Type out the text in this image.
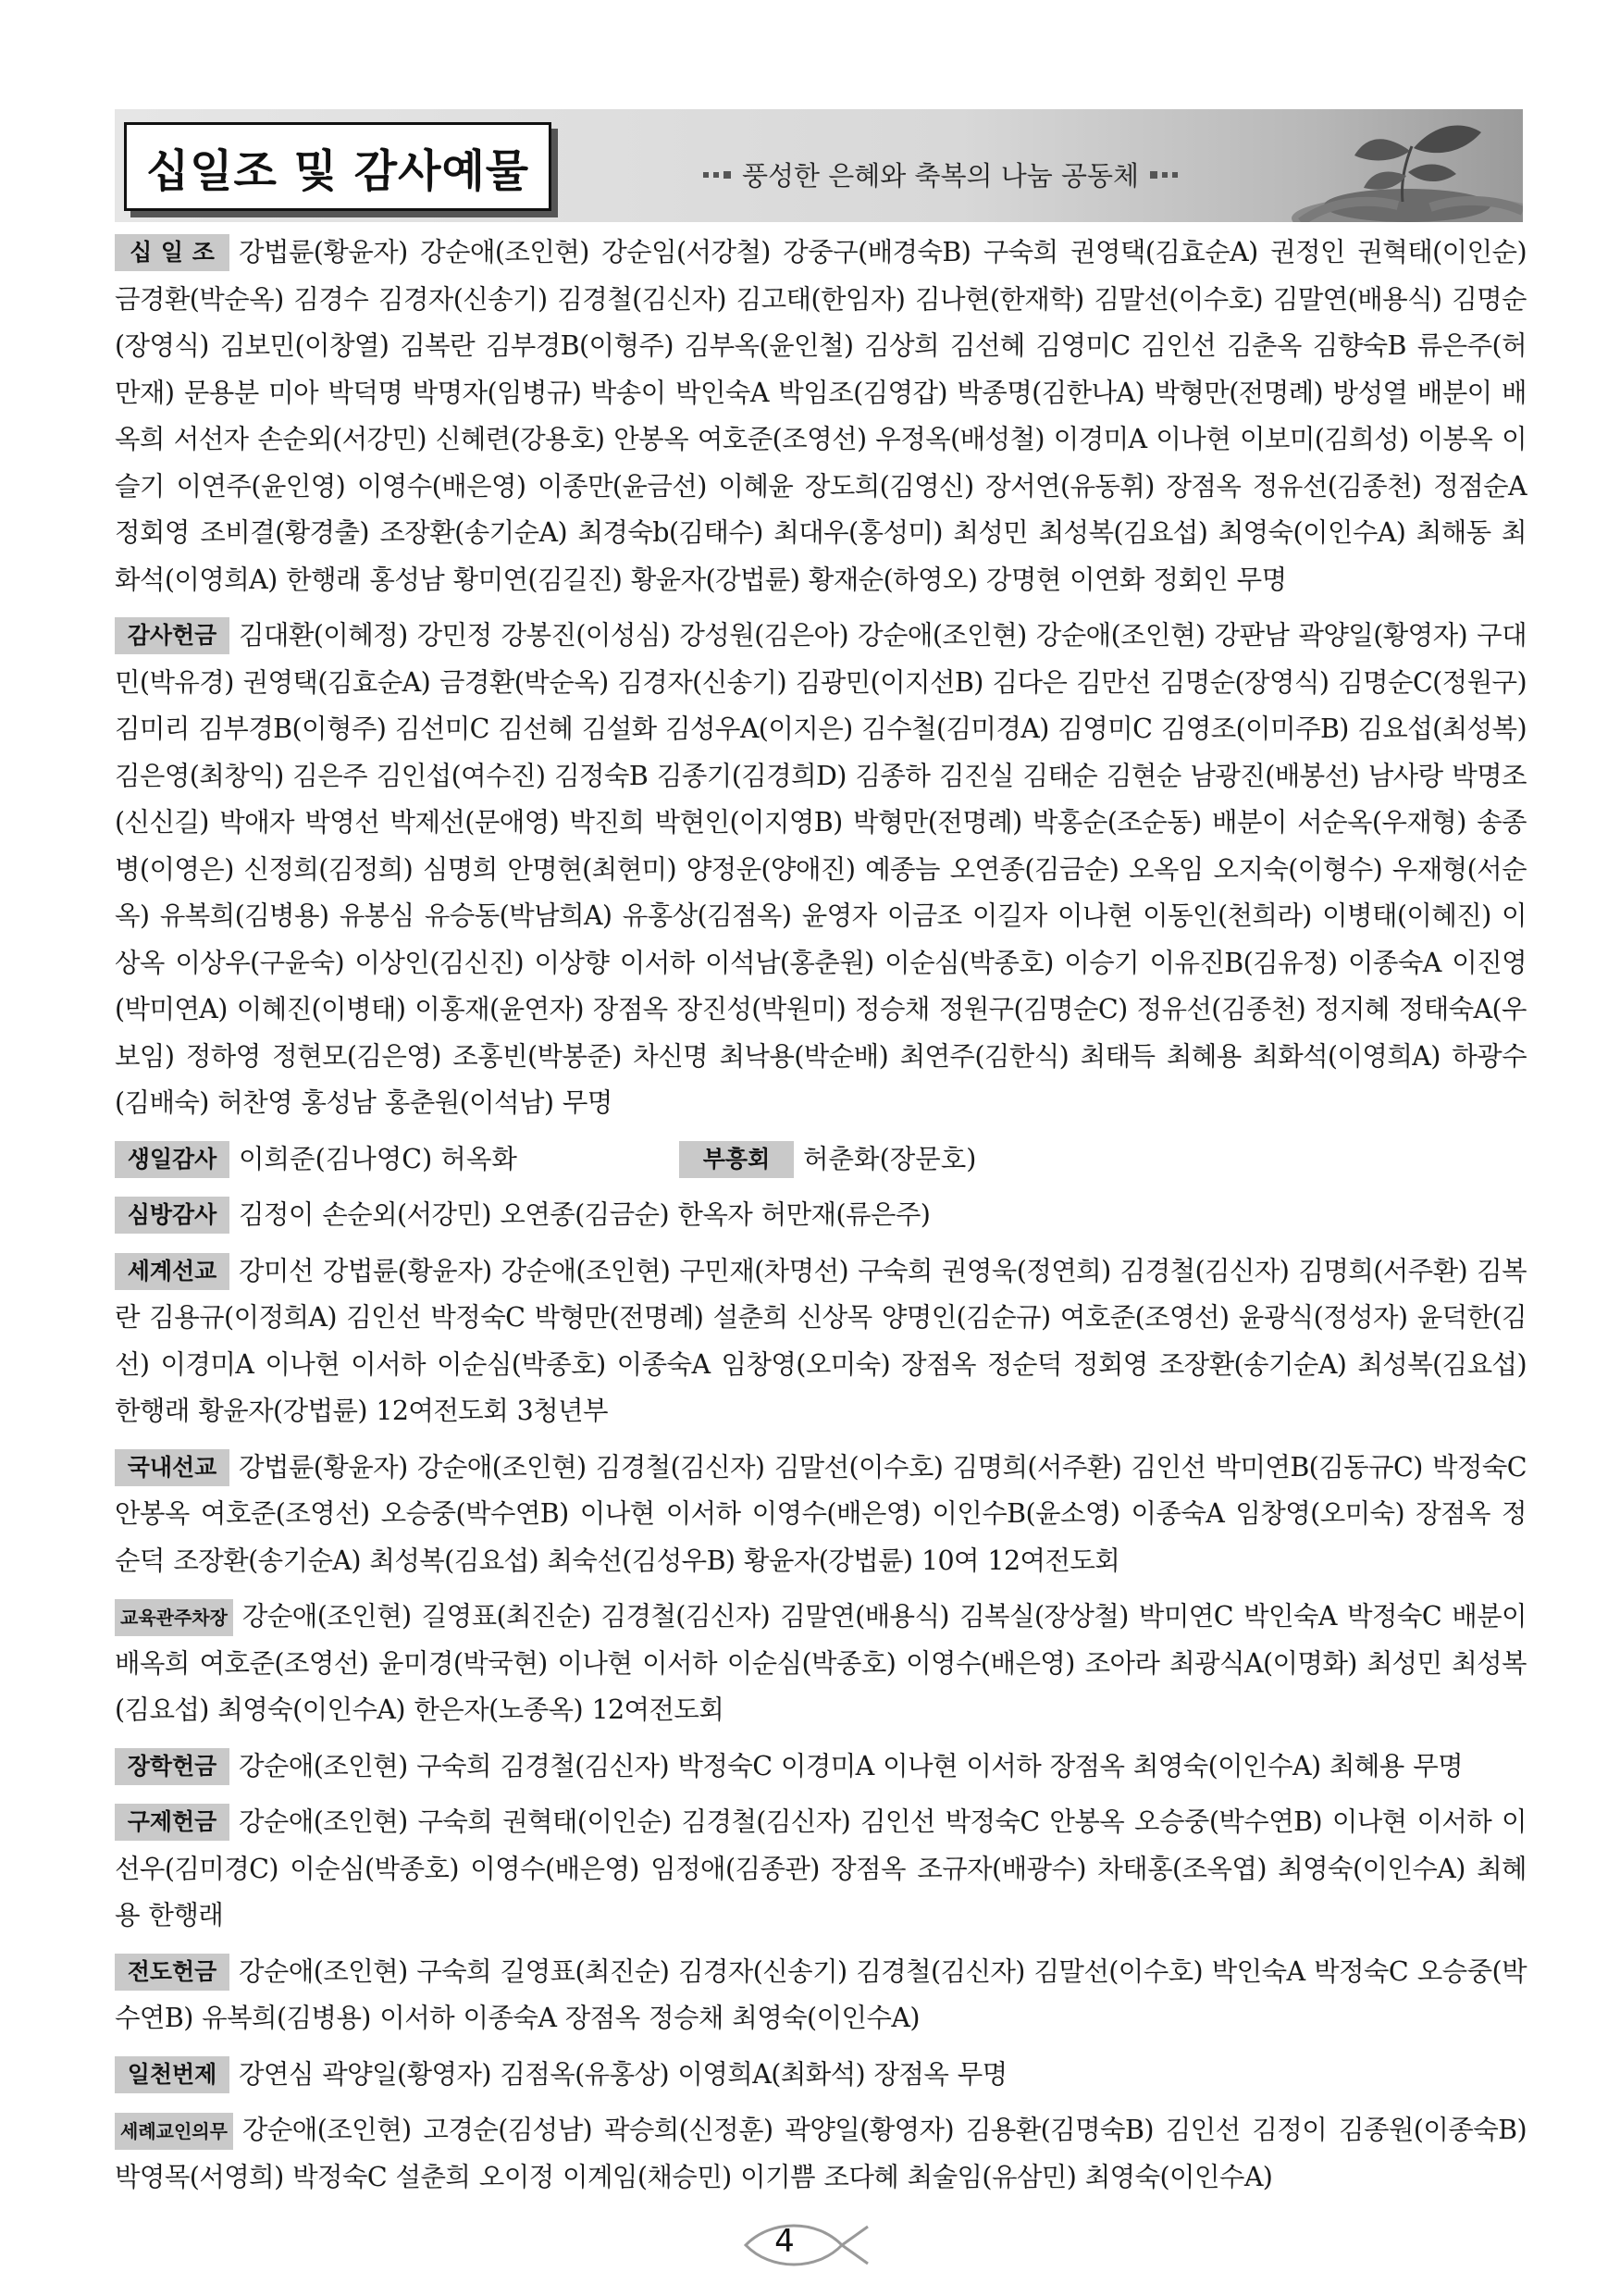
십일조 및 감사예물	풍성한 은혜와 축복의 나눔 공동체

십 일 조 강법륜(황윤자) 강순애(조인현) 강순임(서강철) 강중구(배경숙B) 구숙희 권영택(김효순A) 권정인 권혁태(이인순) 금경환(박순옥) 김경수 김경자(신송기) 김경철(김신자) 김고태(한임자) 김나현(한재학) 김말선(이수호) 김말연(배용식) 김명순(장영식) 김보민(이창열) 김복란 김부경B(이형주) 김부옥(윤인철) 김상희 김선혜 김영미C 김인선 김춘옥 김향숙B 류은주(허만재) 문용분 미아 박덕명 박명자(임병규) 박송이 박인숙A 박임조(김영갑) 박종명(김한나A) 박형만(전명례) 방성열 배분이 배옥희 서선자 손순외(서강민) 신혜련(강용호) 안봉옥 여호준(조영선) 우정옥(배성철) 이경미A 이나현 이보미(김희성) 이봉옥 이슬기 이연주(윤인영) 이영수(배은영) 이종만(윤금선) 이혜윤 장도희(김영신) 장서연(유동휘) 장점옥 정유선(김종천) 정점순A 정회영 조비결(황경출) 조장환(송기순A) 최경숙b(김태수) 최대우(홍성미) 최성민 최성복(김요섭) 최영숙(이인수A) 최해동 최화석(이영희A) 한행래 홍성남 황미연(김길진) 황윤자(강법륜) 황재순(하영오) 강명현 이연화 정회인 무명

감사헌금 김대환(이혜정) 강민정 강봉진(이성심) 강성원(김은아) 강순애(조인현) 강순애(조인현) 강판남 곽양일(황영자) 구대민(박유경) 권영택(김효순A) 금경환(박순옥) 김경자(신송기) 김광민(이지선B) 김다은 김만선 김명순(장영식) 김명순C(정원구) 김미리 김부경B(이형주) 김선미C 김선혜 김설화 김성우A(이지은) 김수철(김미경A) 김영미C 김영조(이미주B) 김요섭(최성복) 김은영(최창익) 김은주 김인섭(여수진) 김정숙B 김종기(김경희D) 김종하 김진실 김태순 김현순 남광진(배봉선) 남사랑 박명조(신신길) 박애자 박영선 박제선(문애영) 박진희 박현인(이지영B) 박형만(전명례) 박홍순(조순동) 배분이 서순옥(우재형) 송종병(이영은) 신정희(김정희) 심명희 안명현(최현미) 양정운(양애진) 예종늠 오연종(김금순) 오옥임 오지숙(이형수) 우재형(서순옥) 유복희(김병용) 유봉심 유승동(박남희A) 유홍상(김점옥) 윤영자 이금조 이길자 이나현 이동인(천희라) 이병태(이혜진) 이상옥 이상우(구윤숙) 이상인(김신진) 이상향 이서하 이석남(홍춘원) 이순심(박종호) 이승기 이유진B(김유정) 이종숙A 이진영(박미연A) 이혜진(이병태) 이홍재(윤연자) 장점옥 장진성(박원미) 정승채 정원구(김명순C) 정유선(김종천) 정지혜 정태숙A(우보임) 정하영 정현모(김은영) 조홍빈(박봉준) 차신명 최낙용(박순배) 최연주(김한식) 최태득 최혜용 최화석(이영희A) 하광수(김배숙) 허찬영 홍성남 홍춘원(이석남) 무명

생일감사 이희준(김나영C) 허옥화	부흥회 허춘화(장문호)

심방감사 김정이 손순외(서강민) 오연종(김금순) 한옥자 허만재(류은주)

세계선교 강미선 강법륜(황윤자) 강순애(조인현) 구민재(차명선) 구숙희 권영욱(정연희) 김경철(김신자) 김명희(서주환) 김복란 김용규(이정희A) 김인선 박정숙C 박형만(전명례) 설춘희 신상목 양명인(김순규) 여호준(조영선) 윤광식(정성자) 윤덕한(김선) 이경미A 이나현 이서하 이순심(박종호) 이종숙A 임창영(오미숙) 장점옥 정순덕 정회영 조장환(송기순A) 최성복(김요섭) 한행래 황윤자(강법륜) 12여전도회 3청년부

국내선교 강법륜(황윤자) 강순애(조인현) 김경철(김신자) 김말선(이수호) 김명희(서주환) 김인선 박미연B(김동규C) 박정숙C 안봉옥 여호준(조영선) 오승중(박수연B) 이나현 이서하 이영수(배은영) 이인수B(윤소영) 이종숙A 임창영(오미숙) 장점옥 정순덕 조장환(송기순A) 최성복(김요섭) 최숙선(김성우B) 황윤자(강법륜) 10여 12여전도회

교육관주차장 강순애(조인현) 길영표(최진순) 김경철(김신자) 김말연(배용식) 김복실(장상철) 박미연C 박인숙A 박정숙C 배분이 배옥희 여호준(조영선) 윤미경(박국현) 이나현 이서하 이순심(박종호) 이영수(배은영) 조아라 최광식A(이명화) 최성민 최성복(김요섭) 최영숙(이인수A) 한은자(노종옥) 12여전도회

장학헌금 강순애(조인현) 구숙희 김경철(김신자) 박정숙C 이경미A 이나현 이서하 장점옥 최영숙(이인수A) 최혜용 무명

구제헌금 강순애(조인현) 구숙희 권혁태(이인순) 김경철(김신자) 김인선 박정숙C 안봉옥 오승중(박수연B) 이나현 이서하 이선우(김미경C) 이순심(박종호) 이영수(배은영) 임정애(김종관) 장점옥 조규자(배광수) 차태홍(조옥엽) 최영숙(이인수A) 최혜용 한행래

전도헌금 강순애(조인현) 구숙희 길영표(최진순) 김경자(신송기) 김경철(김신자) 김말선(이수호) 박인숙A 박정숙C 오승중(박수연B) 유복희(김병용) 이서하 이종숙A 장점옥 정승채 최영숙(이인수A)

일천번제 강연심 곽양일(황영자) 김점옥(유홍상) 이영희A(최화석) 장점옥 무명

세례교인의무 강순애(조인현) 고경순(김성남) 곽승희(신정훈) 곽양일(황영자) 김용환(김명숙B) 김인선 김정이 김종원(이종숙B) 박영목(서영희) 박정숙C 설춘희 오이정 이계임(채승민) 이기쁨 조다혜 최술임(유삼민) 최영숙(이인수A)

4
